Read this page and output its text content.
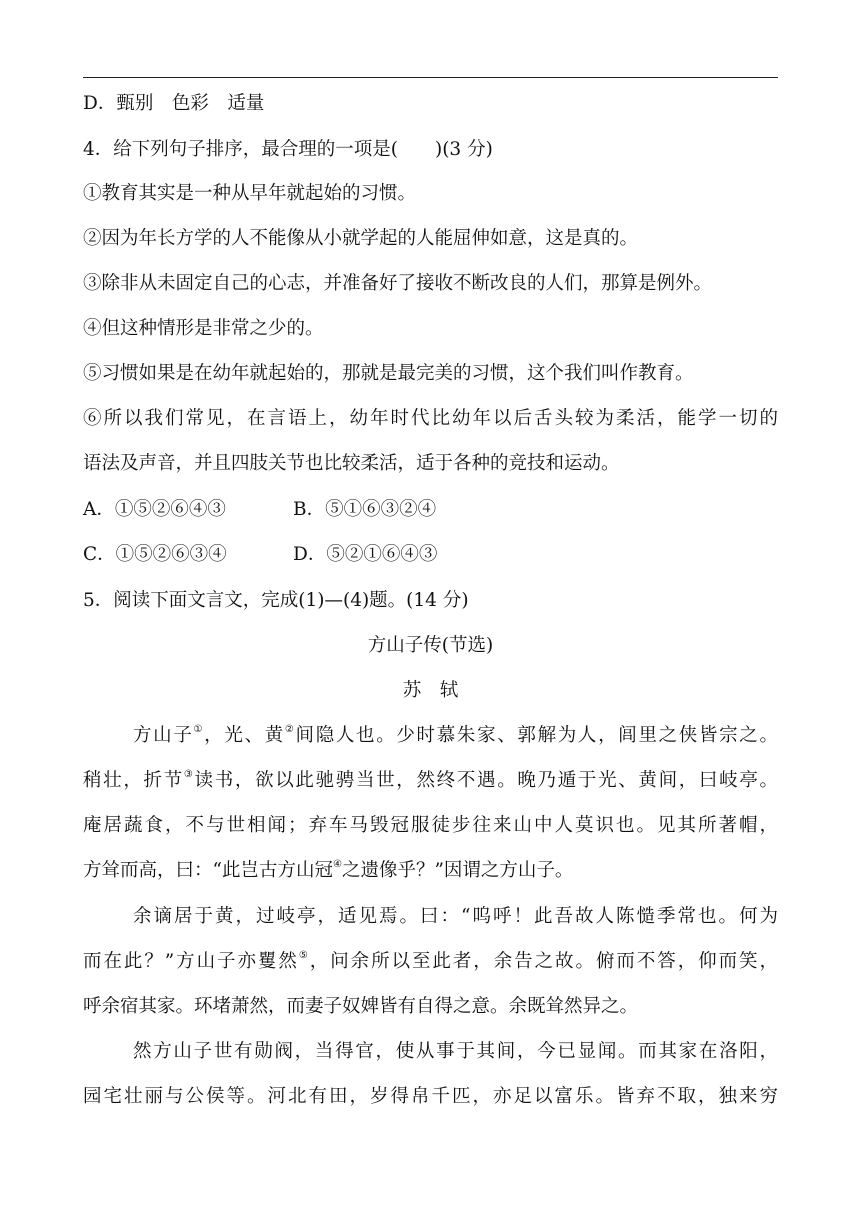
D．甄别　色彩　适量
4．给下列句子排序，最合理的一项是(　　)(3 分)
①教育其实是一种从早年就起始的习惯。
②因为年长方学的人不能像从小就学起的人能屈伸如意，这是真的。
③除非从未固定自己的心志，并准备好了接收不断改良的人们，那算是例外。
④但这种情形是非常之少的。
⑤习惯如果是在幼年就起始的，那就是最完美的习惯，这个我们叫作教育。
⑥所以我们常见，在言语上，幼年时代比幼年以后舌头较为柔活，能学一切的
语法及声音，并且四肢关节也比较柔活，适于各种的竞技和运动。
A．①⑤②⑥④③	B．⑤①⑥③②④
C．①⑤②⑥③④	D．⑤②①⑥④③
5．阅读下面文言文，完成(1)—(4)题。(14 分)
方山子传(节选)
苏　轼
方山子①，光、黄②间隐人也。少时慕朱家、郭解为人，闾里之侠皆宗之。
稍壮，折节③读书，欲以此驰骋当世，然终不遇。晚乃遁于光、黄间，曰岐亭。
庵居蔬食，不与世相闻；弃车马毁冠服徒步往来山中人莫识也。见其所著帽，
方耸而高，曰：“此岂古方山冠④之遗像乎？”因谓之方山子。
余谪居于黄，过岐亭，适见焉。曰：“呜呼！此吾故人陈慥季常也。何为
而在此？”方山子亦矍然⑤，问余所以至此者，余告之故。俯而不答，仰而笑，
呼余宿其家。环堵萧然，而妻子奴婢皆有自得之意。余既耸然异之。
然方山子世有勋阀，当得官，使从事于其间，今已显闻。而其家在洛阳，
园宅壮丽与公侯等。河北有田，岁得帛千匹，亦足以富乐。皆弃不取，独来穷
